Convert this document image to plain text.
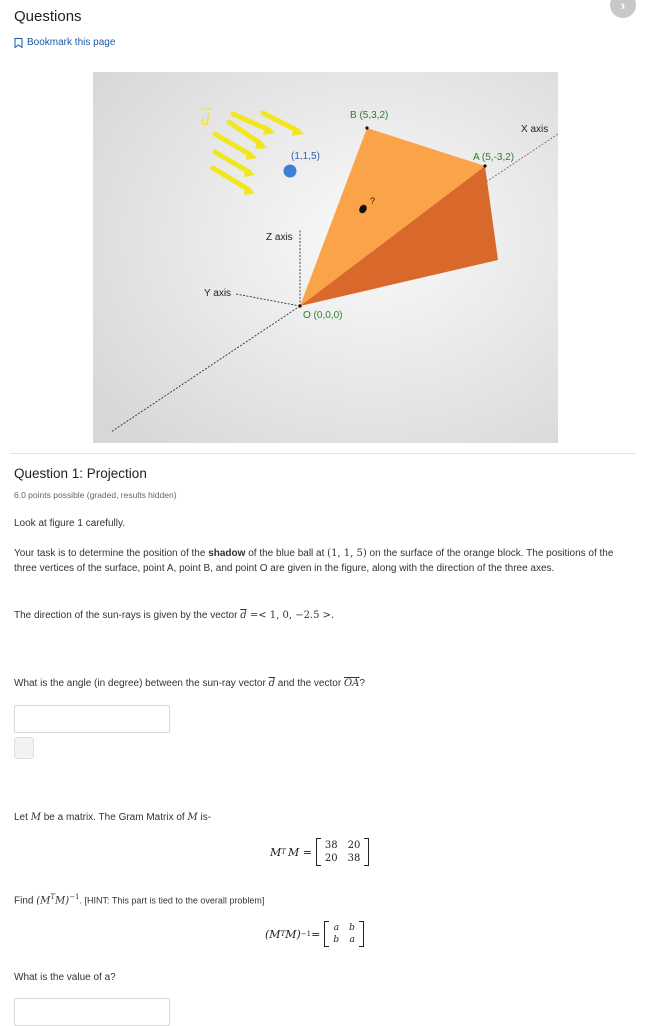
Questions
Bookmark this page
›
d
(1,1,5)
B (5,3,2)
A (5,-3,2)
O (0,0,0)
?
X axis
Y axis
Z axis
Question 1: Projection
6.0 points possible (graded, results hidden)
Look at figure 1 carefully.
Your task is to determine the position of the shadow of the blue ball at (1, 1, 5) on the surface of the orange block. The positions of the three vertices of the surface, point A, point B, and point O are given in the figure, along with the direction of the three axes.
The direction of the sun-rays is given by the vector $\overline{d} =< 1$, 0, −2.5 >.
What is the angle (in degree) between the sun-ray vector $\overline{d}$ and the vector $\overline{OA}$?
Let M be a matrix. The Gram Matrix of M is-
M T M = 38 20
20 38
Find $(M^TM)^{-1}$. [HINT: This part is tied to the overall problem]
(M T M) −1 = a b
b a
What is the value of a?
